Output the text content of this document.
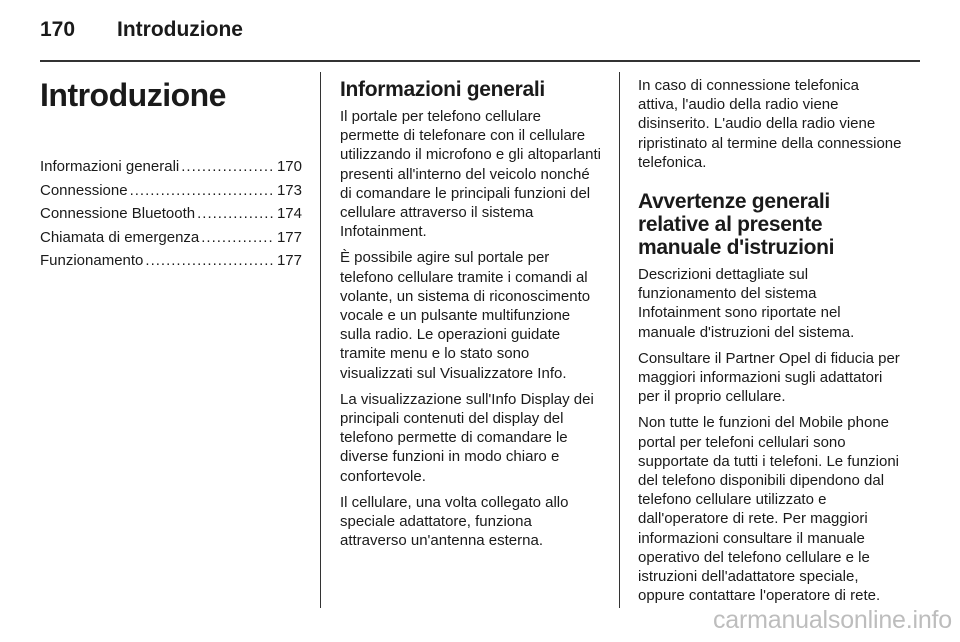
170 Introduzione
Introduzione
Informazioni generali .....	170
Connessione .....	173
Connessione Bluetooth .....	174
Chiamata di emergenza .....	177
Funzionamento .....	177
Informazioni generali

Il portale per telefono cellulare permette di telefonare con il cellulare utilizzando il microfono e gli altoparlanti presenti all'interno del veicolo nonché di comandare le principali funzioni del cellulare attraverso il sistema Infotainment.

È possibile agire sul portale per telefono cellulare tramite i comandi al volante, un sistema di riconoscimento vocale e un pulsante multifunzione sulla radio. Le operazioni guidate tramite menu e lo stato sono visualizzati sul Visualizzatore Info.

La visualizzazione sull'Info Display dei principali contenuti del display del telefono permette di comandare le diverse funzioni in modo chiaro e confortevole.

Il cellulare, una volta collegato allo speciale adattatore, funziona attraverso un'antenna esterna.

In caso di connessione telefonica attiva, l'audio della radio viene disinserito. L'audio della radio viene ripristinato al termine della connessione telefonica.

Avvertenze generali relative al presente manuale d'istruzioni

Descrizioni dettagliate sul funzionamento del sistema Infotainment sono riportate nel manuale d'istruzioni del sistema.

Consultare il Partner Opel di fiducia per maggiori informazioni sugli adattatori per il proprio cellulare.

Non tutte le funzioni del Mobile phone portal per telefoni cellulari sono supportate da tutti i telefoni. Le funzioni del telefono disponibili dipendono dal telefono cellulare utilizzato e dall'operatore di rete. Per maggiori informazioni consultare il manuale operativo del telefono cellulare e le istruzioni dell'adattatore speciale, oppure contattare l'operatore di rete.

carmanualsonline.info
